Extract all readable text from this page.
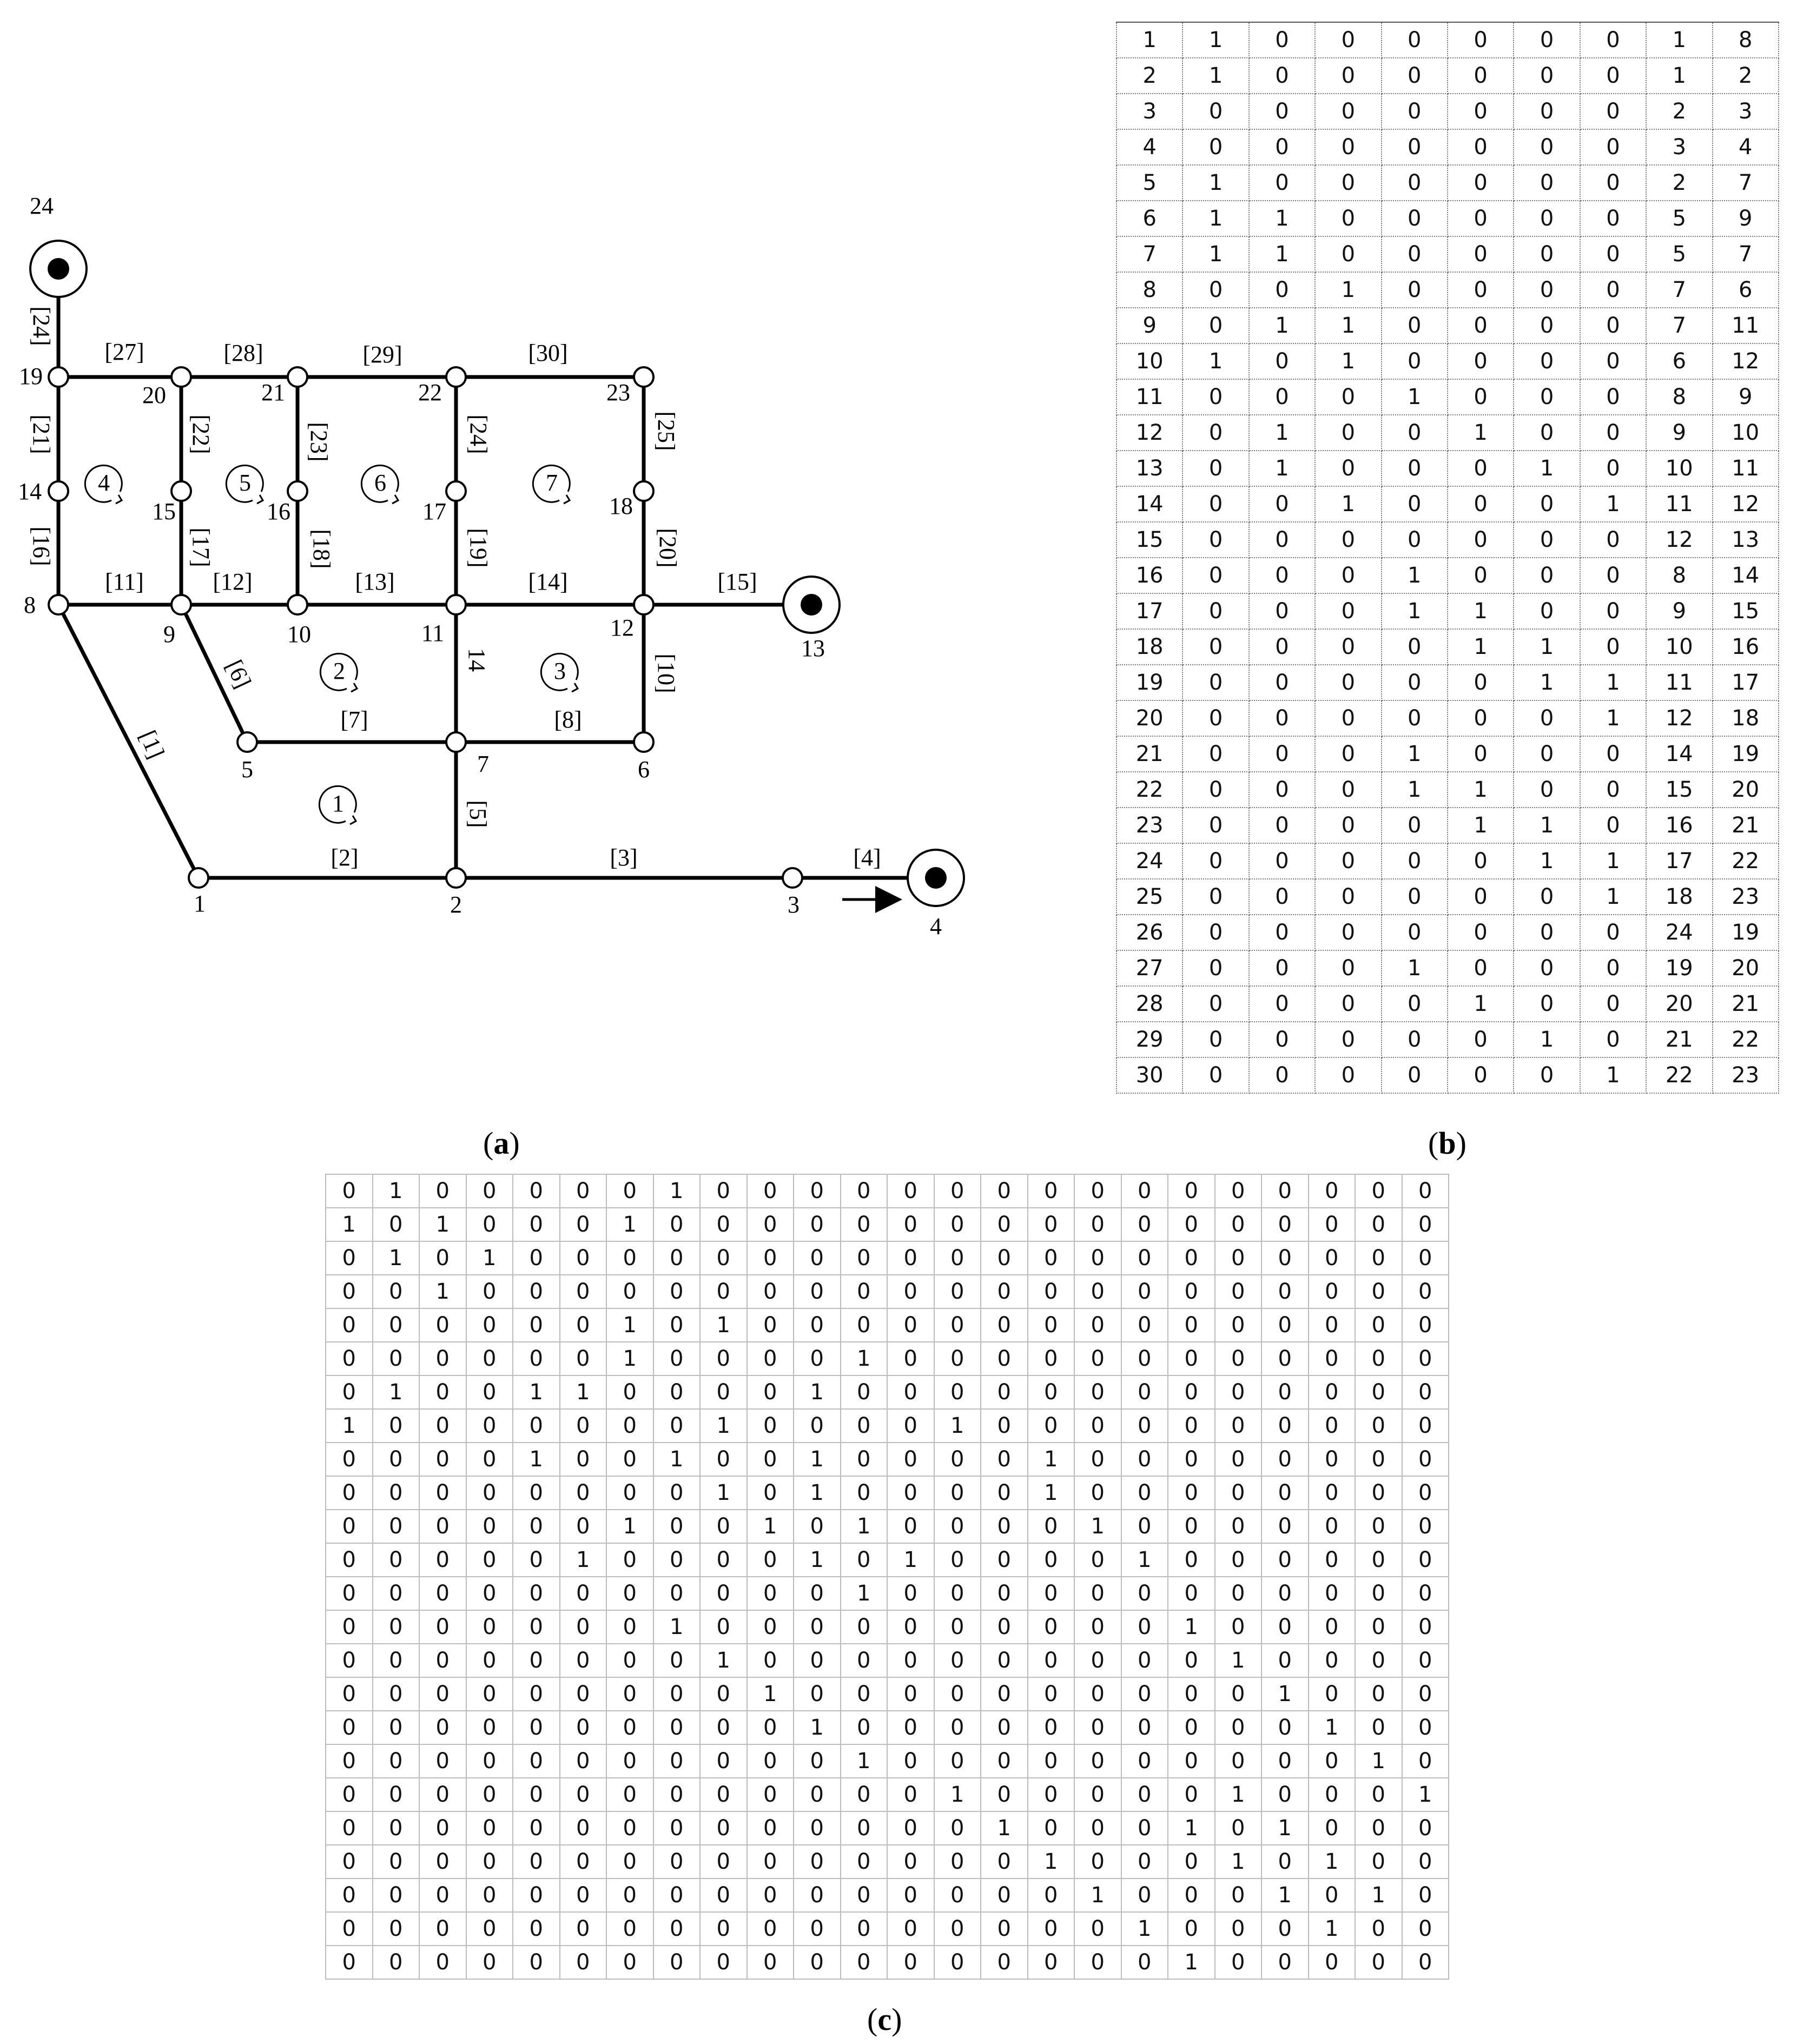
[1]
[2]	[3]	[4]
[5]
[6]
[7]	[8]
[10]
[11]	[12]	[13]
14
[14]	[15]
[16]	[17]	[18]	[19]	[20]
[21]	[22]	[23]	[24]	[25]
[24]
[27]	[28]	[29]	[30]
1
2	3
4	5	6	7
1	2	3
4
5	6
7
8
9	10	11	12
13
14
15	16	17	18
19
20	21	22	23
24
1	1	0	0	0	0	0	0	1	8
2	1	0	0	0	0	0	0	1	2
3	0	0	0	0	0	0	0	2	3
4	0	0	0	0	0	0	0	3	4
5	1	0	0	0	0	0	0	2	7
6	1	1	0	0	0	0	0	5	9
7	1	1	0	0	0	0	0	5	7
8	0	0	1	0	0	0	0	7	6
9	0	1	1	0	0	0	0	7	11
10	1	0	1	0	0	0	0	6	12
11	0	0	0	1	0	0	0	8	9
12	0	1	0	0	1	0	0	9	10
13	0	1	0	0	0	1	0	10	11
14	0	0	1	0	0	0	1	11	12
15	0	0	0	0	0	0	0	12	13
16	0	0	0	1	0	0	0	8	14
17	0	0	0	1	1	0	0	9	15
18	0	0	0	0	1	1	0	10	16
19	0	0	0	0	0	1	1	11	17
20	0	0	0	0	0	0	1	12	18
21	0	0	0	1	0	0	0	14	19
22	0	0	0	1	1	0	0	15	20
23	0	0	0	0	1	1	0	16	21
24	0	0	0	0	0	1	1	17	22
25	0	0	0	0	0	0	1	18	23
26	0	0	0	0	0	0	0	24	19
27	0	0	0	1	0	0	0	19	20
28	0	0	0	0	1	0	0	20	21
29	0	0	0	0	0	1	0	21	22
30	0	0	0	0	0	0	1	22	23
0	1	0	0	0	0	0	1	0	0	0	0	0	0	0	0	0	0	0	0	0	0	0	0
1	0	1	0	0	0	1	0	0	0	0	0	0	0	0	0	0	0	0	0	0	0	0	0
0	1	0	1	0	0	0	0	0	0	0	0	0	0	0	0	0	0	0	0	0	0	0	0
0	0	1	0	0	0	0	0	0	0	0	0	0	0	0	0	0	0	0	0	0	0	0	0
0	0	0	0	0	0	1	0	1	0	0	0	0	0	0	0	0	0	0	0	0	0	0	0
0	0	0	0	0	0	1	0	0	0	0	1	0	0	0	0	0	0	0	0	0	0	0	0
0	1	0	0	1	1	0	0	0	0	1	0	0	0	0	0	0	0	0	0	0	0	0	0
1	0	0	0	0	0	0	0	1	0	0	0	0	1	0	0	0	0	0	0	0	0	0	0
0	0	0	0	1	0	0	1	0	0	1	0	0	0	0	1	0	0	0	0	0	0	0	0
0	0	0	0	0	0	0	0	1	0	1	0	0	0	0	1	0	0	0	0	0	0	0	0
0	0	0	0	0	0	1	0	0	1	0	1	0	0	0	0	1	0	0	0	0	0	0	0
0	0	0	0	0	1	0	0	0	0	1	0	1	0	0	0	0	1	0	0	0	0	0	0
0	0	0	0	0	0	0	0	0	0	0	1	0	0	0	0	0	0	0	0	0	0	0	0
0	0	0	0	0	0	0	1	0	0	0	0	0	0	0	0	0	0	1	0	0	0	0	0
0	0	0	0	0	0	0	0	1	0	0	0	0	0	0	0	0	0	0	1	0	0	0	0
0	0	0	0	0	0	0	0	0	1	0	0	0	0	0	0	0	0	0	0	1	0	0	0
0	0	0	0	0	0	0	0	0	0	1	0	0	0	0	0	0	0	0	0	0	1	0	0
0	0	0	0	0	0	0	0	0	0	0	1	0	0	0	0	0	0	0	0	0	0	1	0
0	0	0	0	0	0	0	0	0	0	0	0	0	1	0	0	0	0	0	1	0	0	0	1
0	0	0	0	0	0	0	0	0	0	0	0	0	0	1	0	0	0	1	0	1	0	0	0
0	0	0	0	0	0	0	0	0	0	0	0	0	0	0	1	0	0	0	1	0	1	0	0
0	0	0	0	0	0	0	0	0	0	0	0	0	0	0	0	1	0	0	0	1	0	1	0
0	0	0	0	0	0	0	0	0	0	0	0	0	0	0	0	0	1	0	0	0	1	0	0
0	0	0	0	0	0	0	0	0	0	0	0	0	0	0	0	0	0	1	0	0	0	0	0
(a)	(b)
(c)
